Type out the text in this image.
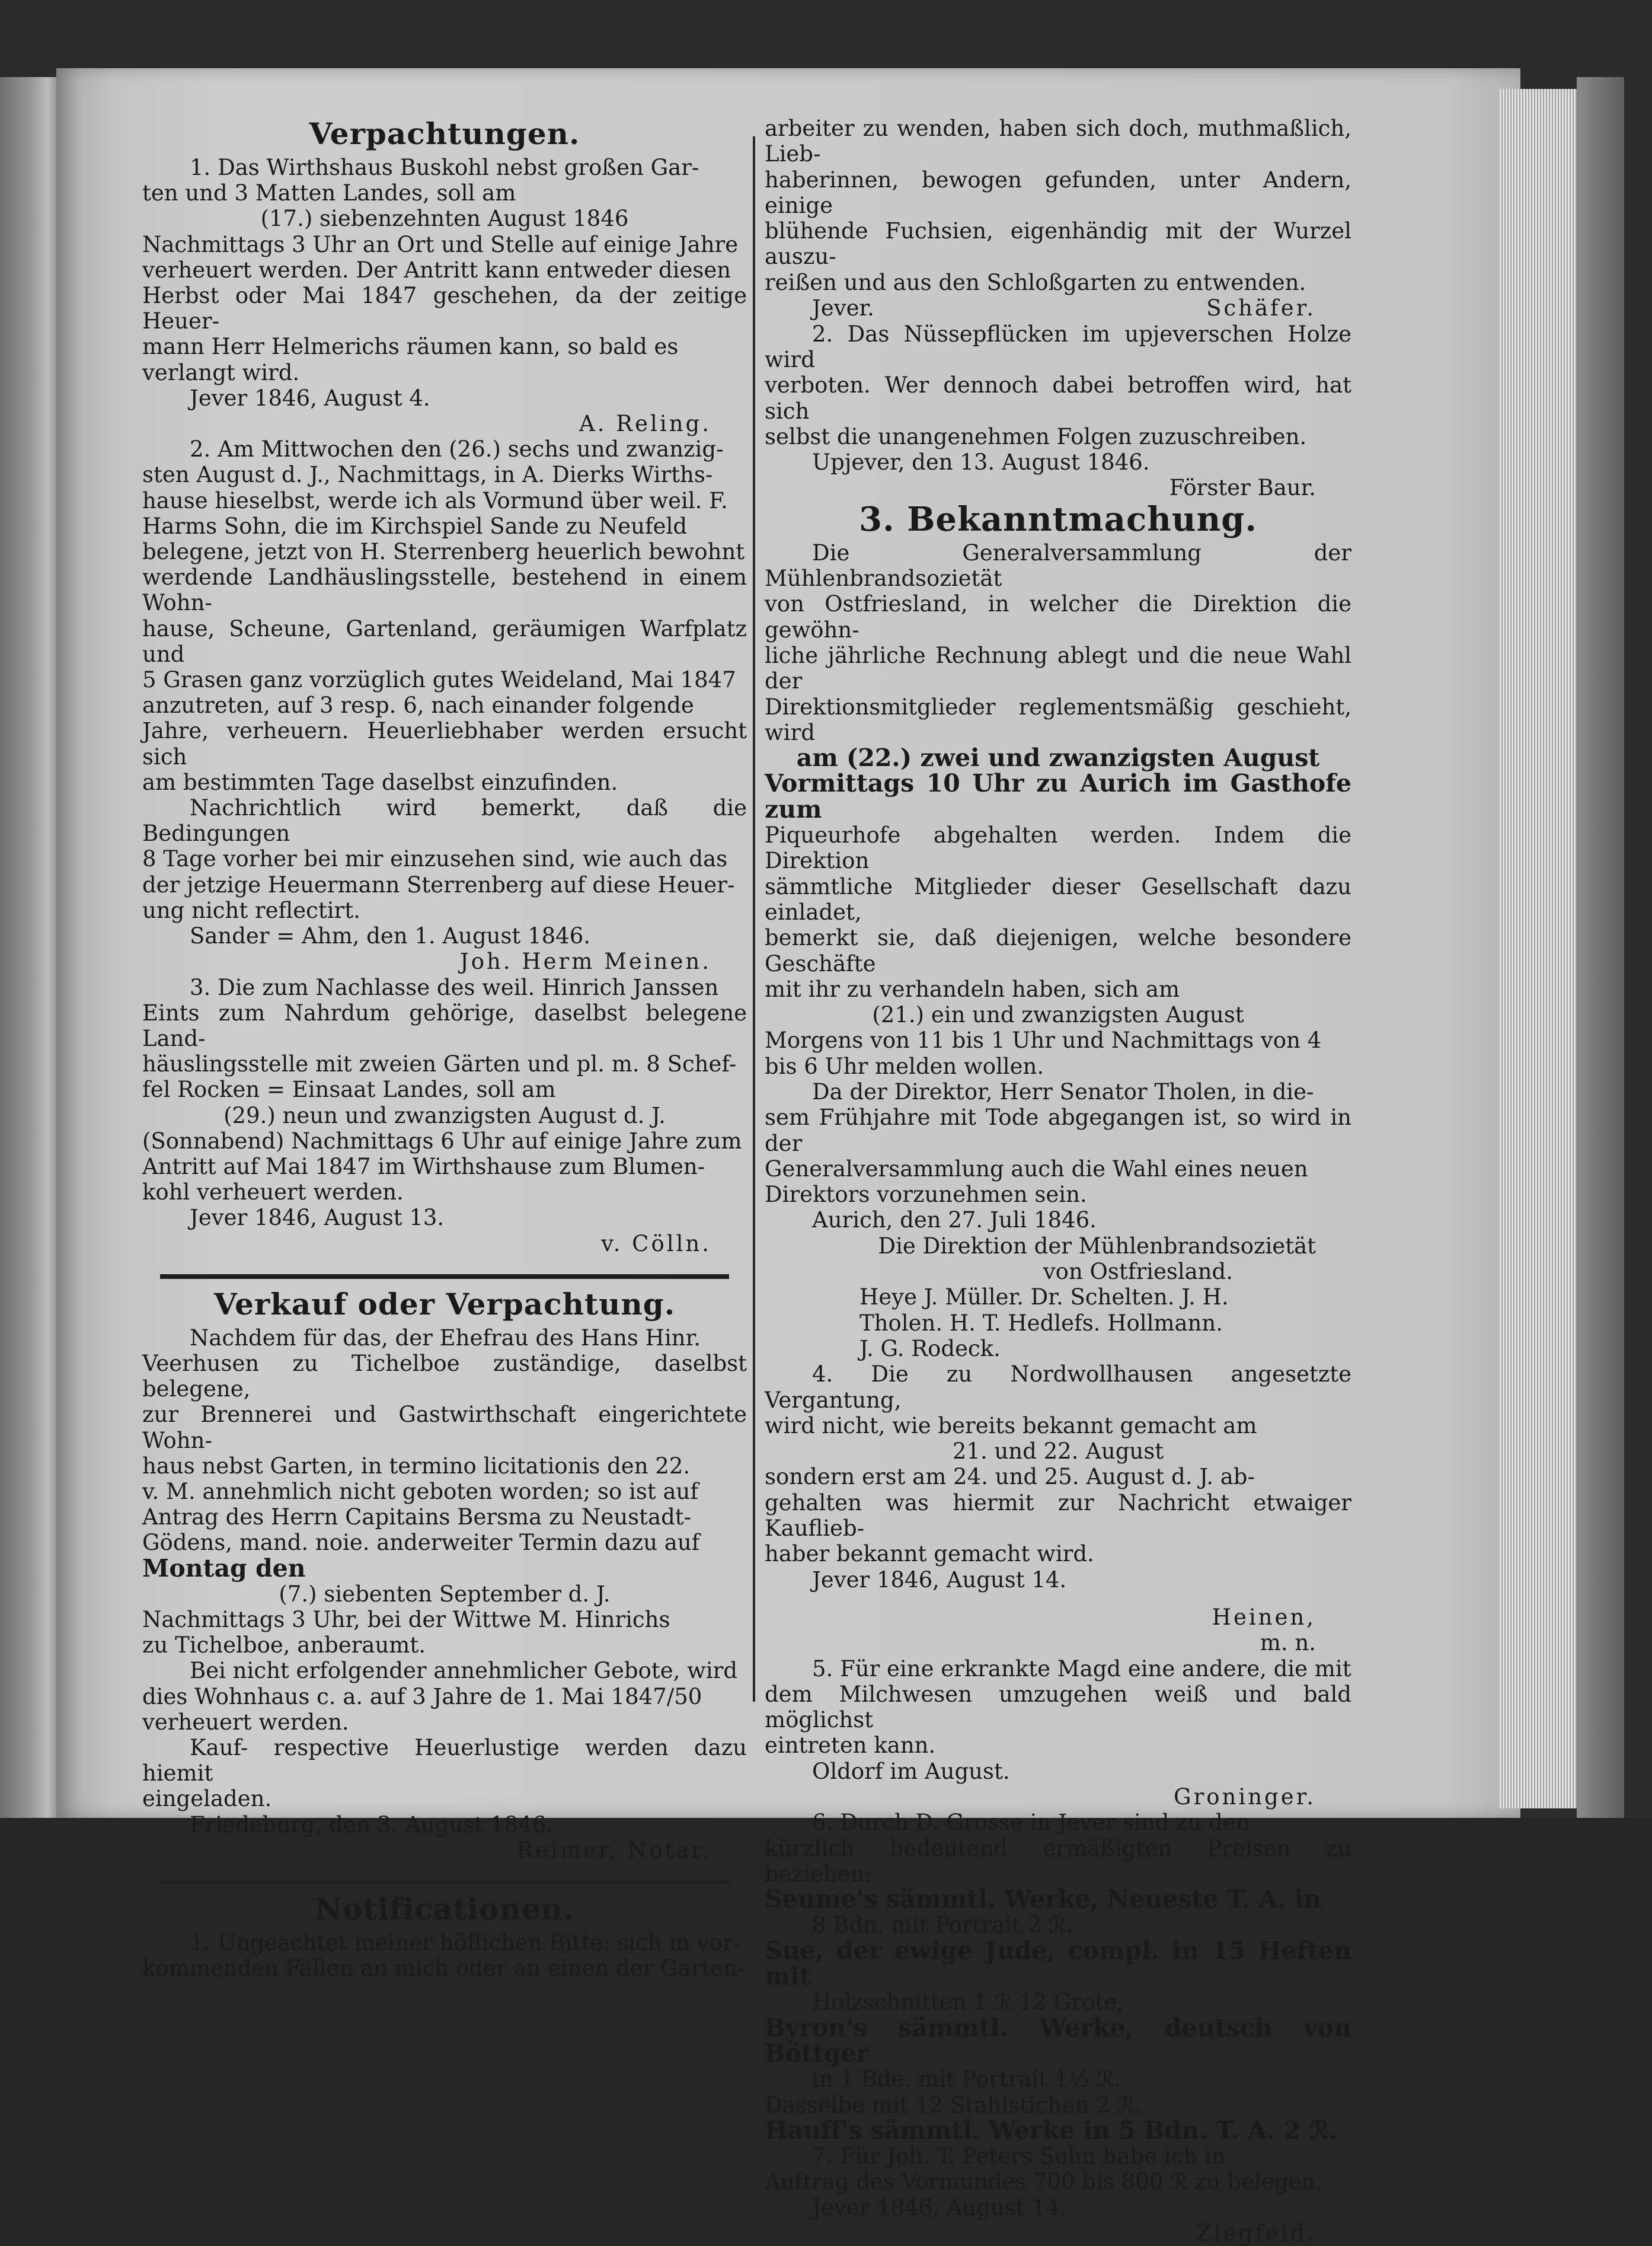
Verpachtungen.

1. Das Wirthshaus Buskohl nebst großen Gar-

ten und 3 Matten Landes, soll am

(17.) siebenzehnten August 1846

Nachmittags 3 Uhr an Ort und Stelle auf einige Jahre

verheuert werden. Der Antritt kann entweder diesen

Herbst oder Mai 1847 geschehen, da der zeitige Heuer-

mann Herr Helmerichs räumen kann, so bald es

verlangt wird.

Jever 1846, August 4.

A. Reling.

2. Am Mittwochen den (26.) sechs und zwanzig-

sten August d. J., Nachmittags, in A. Dierks Wirths-

hause hieselbst, werde ich als Vormund über weil. F.

Harms Sohn, die im Kirchspiel Sande zu Neufeld

belegene, jetzt von H. Sterrenberg heuerlich bewohnt

werdende Landhäuslingsstelle, bestehend in einem Wohn-

hause, Scheune, Gartenland, geräumigen Warfplatz und

5 Grasen ganz vorzüglich gutes Weideland, Mai 1847

anzutreten, auf 3 resp. 6, nach einander folgende

Jahre, verheuern. Heuerliebhaber werden ersucht sich

am bestimmten Tage daselbst einzufinden.

Nachrichtlich wird bemerkt, daß die Bedingungen

8 Tage vorher bei mir einzusehen sind, wie auch das

der jetzige Heuermann Sterrenberg auf diese Heuer-

ung nicht reflectirt.

Sander = Ahm, den 1. August 1846.

Joh. Herm Meinen.

3. Die zum Nachlasse des weil. Hinrich Janssen

Eints zum Nahrdum gehörige, daselbst belegene Land-

häuslingsstelle mit zweien Gärten und pl. m. 8 Schef-

fel Rocken = Einsaat Landes, soll am

(29.) neun und zwanzigsten August d. J.

(Sonnabend) Nachmittags 6 Uhr auf einige Jahre zum

Antritt auf Mai 1847 im Wirthshause zum Blumen-

kohl verheuert werden.

Jever 1846, August 13.

v. Cölln.

Verkauf oder Verpachtung.

Nachdem für das, der Ehefrau des Hans Hinr.

Veerhusen zu Tichelboe zuständige, daselbst belegene,

zur Brennerei und Gastwirthschaft eingerichtete Wohn-

haus nebst Garten, in termino licitationis den 22.

v. M. annehmlich nicht geboten worden; so ist auf

Antrag des Herrn Capitains Bersma zu Neustadt-

Gödens, mand. noie. anderweiter Termin dazu auf

Montag den

(7.) siebenten September d. J.

Nachmittags 3 Uhr, bei der Wittwe M. Hinrichs

zu Tichelboe, anberaumt.

Bei nicht erfolgender annehmlicher Gebote, wird

dies Wohnhaus c. a. auf 3 Jahre de 1. Mai 1847/50

verheuert werden.

Kauf- respective Heuerlustige werden dazu hiemit

eingeladen.

Friedeburg, den 3. August 1846.

Reimer, Notar.

Notificationen.

1. Ungeachtet meiner höflichen Bitte: sich in vor-

kommenden Fällen an mich oder an einen der Garten-

arbeiter zu wenden, haben sich doch, muthmaßlich, Lieb-

haberinnen, bewogen gefunden, unter Andern, einige

blühende Fuchsien, eigenhändig mit der Wurzel auszu-

reißen und aus den Schloßgarten zu entwenden.

Jever.	Schäfer.

2. Das Nüssepflücken im upjeverschen Holze wird

verboten. Wer dennoch dabei betroffen wird, hat sich

selbst die unangenehmen Folgen zuzuschreiben.

Upjever, den 13. August 1846.

Förster Baur.

3. Bekanntmachung.

Die Generalversammlung der Mühlenbrandsozietät

von Ostfriesland, in welcher die Direktion die gewöhn-

liche jährliche Rechnung ablegt und die neue Wahl der

Direktionsmitglieder reglementsmäßig geschieht, wird

am (22.) zwei und zwanzigsten August

Vormittags 10 Uhr zu Aurich im Gasthofe zum

Piqueurhofe abgehalten werden. Indem die Direktion

sämmtliche Mitglieder dieser Gesellschaft dazu einladet,

bemerkt sie, daß diejenigen, welche besondere Geschäfte

mit ihr zu verhandeln haben, sich am

(21.) ein und zwanzigsten August

Morgens von 11 bis 1 Uhr und Nachmittags von 4

bis 6 Uhr melden wollen.

Da der Direktor, Herr Senator Tholen, in die-

sem Frühjahre mit Tode abgegangen ist, so wird in der

Generalversammlung auch die Wahl eines neuen

Direktors vorzunehmen sein.

Aurich, den 27. Juli 1846.

Die Direktion der Mühlenbrandsozietät

von Ostfriesland.

Heye J. Müller. Dr. Schelten. J. H.

Tholen. H. T. Hedlefs. Hollmann.

J. G. Rodeck.

4. Die zu Nordwollhausen angesetzte Vergantung,

wird nicht, wie bereits bekannt gemacht am

21. und 22. August

sondern erst am 24. und 25. August d. J. ab-

gehalten was hiermit zur Nachricht etwaiger Kauflieb-

haber bekannt gemacht wird.

Jever 1846, August 14.

Heinen,

m. n.

5. Für eine erkrankte Magd eine andere, die mit

dem Milchwesen umzugehen weiß und bald möglichst

eintreten kann.

Oldorf im August.

Groninger.

6. Durch D. Grosse in Jever sind zu den

kürzlich bedeutend ermäßigten Preisen zu beziehen:

Seume's sämmtl. Werke, Neueste T. A. in

8 Bdn. mit Portrait 2 ℛ.

Sue, der ewige Jude, compl. in 15 Heften mit

Holzschnitten 1 ℛ 12 Grote,

Byron's sämmtl. Werke, deutsch von Böttger

in 1 Bde. mit Portrait 1½ ℛ.

Dasselbe mit 12 Stahlstichen 2 ℛ.

Hauff's sämmtl. Werke in 5 Bdn. T. A. 2 ℛ.

7. Für Joh. T. Peters Sohn habe ich in

Auftrag des Vormundes 700 bis 800 ℛ zu belegen.

Jever 1846, August 14.

Ziegfeld.
